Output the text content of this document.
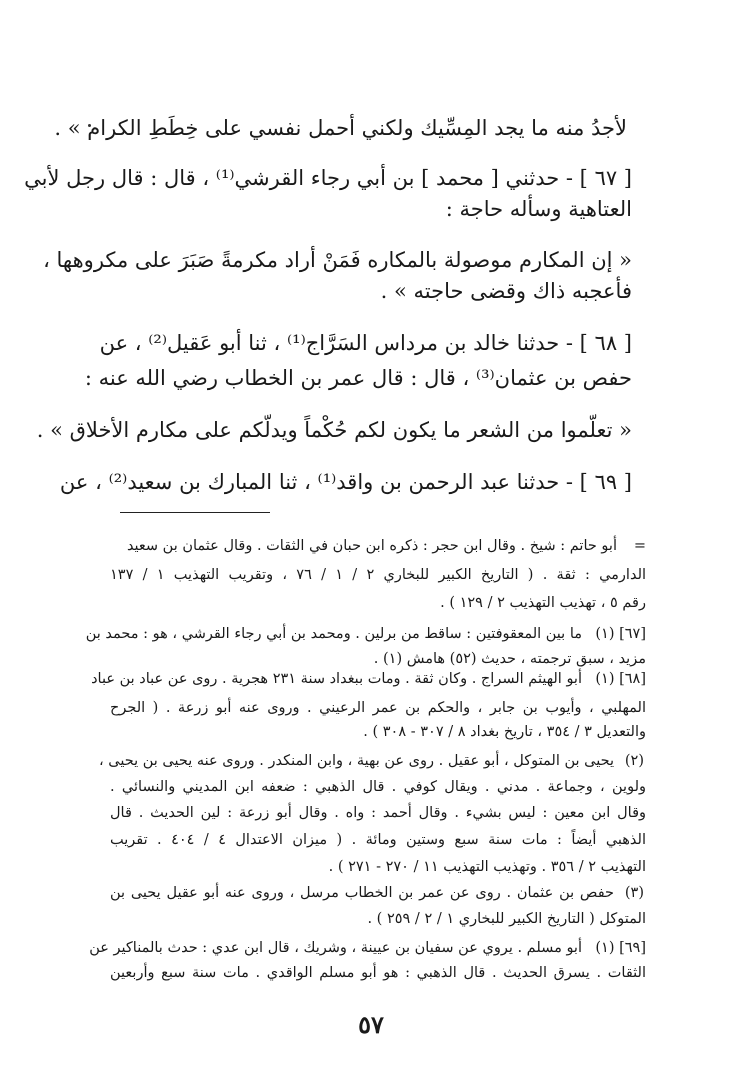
لأجدُ منه ما يجد المِسِّيك ولكني أحمل نفسي على خِطَطِ الكرام » .
[ ٦٧ ] - حدثني [ محمد ] بن أبي رجاء القرشي⁽¹⁾ ، قال : قال رجل لأبي
العتاهية وسأله حاجة :
« إن المكارم موصولة بالمكاره فَمَنْ أراد مكرمةً صَبَرَ على مكروهها ،
فأعجبه ذاك وقضى حاجته » .
[ ٦٨ ] - حدثنا خالد بن مرداس السَرَّاج⁽¹⁾ ، ثنا أبو عَقيل⁽²⁾ ، عن
حفص بن عثمان⁽³⁾ ، قال : قال عمر بن الخطاب رضي الله عنه :
« تعلّموا من الشعر ما يكون لكم حُكْماً ويدلّكم على مكارم الأخلاق » .
[ ٦٩ ] - حدثنا عبد الرحمن بن واقد⁽¹⁾ ، ثنا المبارك بن سعيد⁽²⁾ ، عن
=
أبو حاتم : شيخ . وقال ابن حجر : ذكره ابن حبان في الثقات . وقال عثمان بن سعيد
الدارمي : ثقة . ( التاريخ الكبير للبخاري ٢ / ١ / ٧٦ ، وتقريب التهذيب ١ / ١٣٧
رقم ٥ ، تهذيب التهذيب ٢ / ١٢٩ ) .
[٦٧] (١)
ما بين المعقوفتين : ساقط من برلين . ومحمد بن أبي رجاء القرشي ، هو : محمد بن
مزيد ، سبق ترجمته ، حديث (٥٢) هامش (١) .
[٦٨] (١)
أبو الهيثم السراج . وكان ثقة . ومات ببغداد سنة ٢٣١ هجرية . روى عن عباد بن عباد
المهلبي ، وأيوب بن جابر ، والحكم بن عمر الرعيني . وروى عنه أبو زرعة . ( الجرح
والتعديل ٣ / ٣٥٤ ، تاريخ بغداد ٨ / ٣٠٧ - ٣٠٨ ) .
(٢)
يحيى بن المتوكل ، أبو عقيل . روى عن بهية ، وابن المنكدر . وروى عنه يحيى بن يحيى ،
ولوين ، وجماعة . مدني . ويقال كوفي . قال الذهبي : ضعفه ابن المديني والنسائي .
وقال ابن معين : ليس بشيء . وقال أحمد : واه . وقال أبو زرعة : لين الحديث . قال
الذهبي أيضاً : مات سنة سبع وستين ومائة . ( ميزان الاعتدال ٤ / ٤٠٤ . تقريب
التهذيب ٢ / ٣٥٦ . وتهذيب التهذيب ١١ / ٢٧٠ - ٢٧١ ) .
(٣)
حفص بن عثمان . روى عن عمر بن الخطاب مرسل ، وروى عنه أبو عقيل يحيى بن
المتوكل ( التاريخ الكبير للبخاري ١ / ٢ / ٢٥٩ ) .
[٦٩] (١)
أبو مسلم . يروي عن سفيان بن عيينة ، وشريك ، قال ابن عدي : حدث بالمناكير عن
الثقات . يسرق الحديث . قال الذهبي : هو أبو مسلم الواقدي . مات سنة سبع وأربعين
٥٧
